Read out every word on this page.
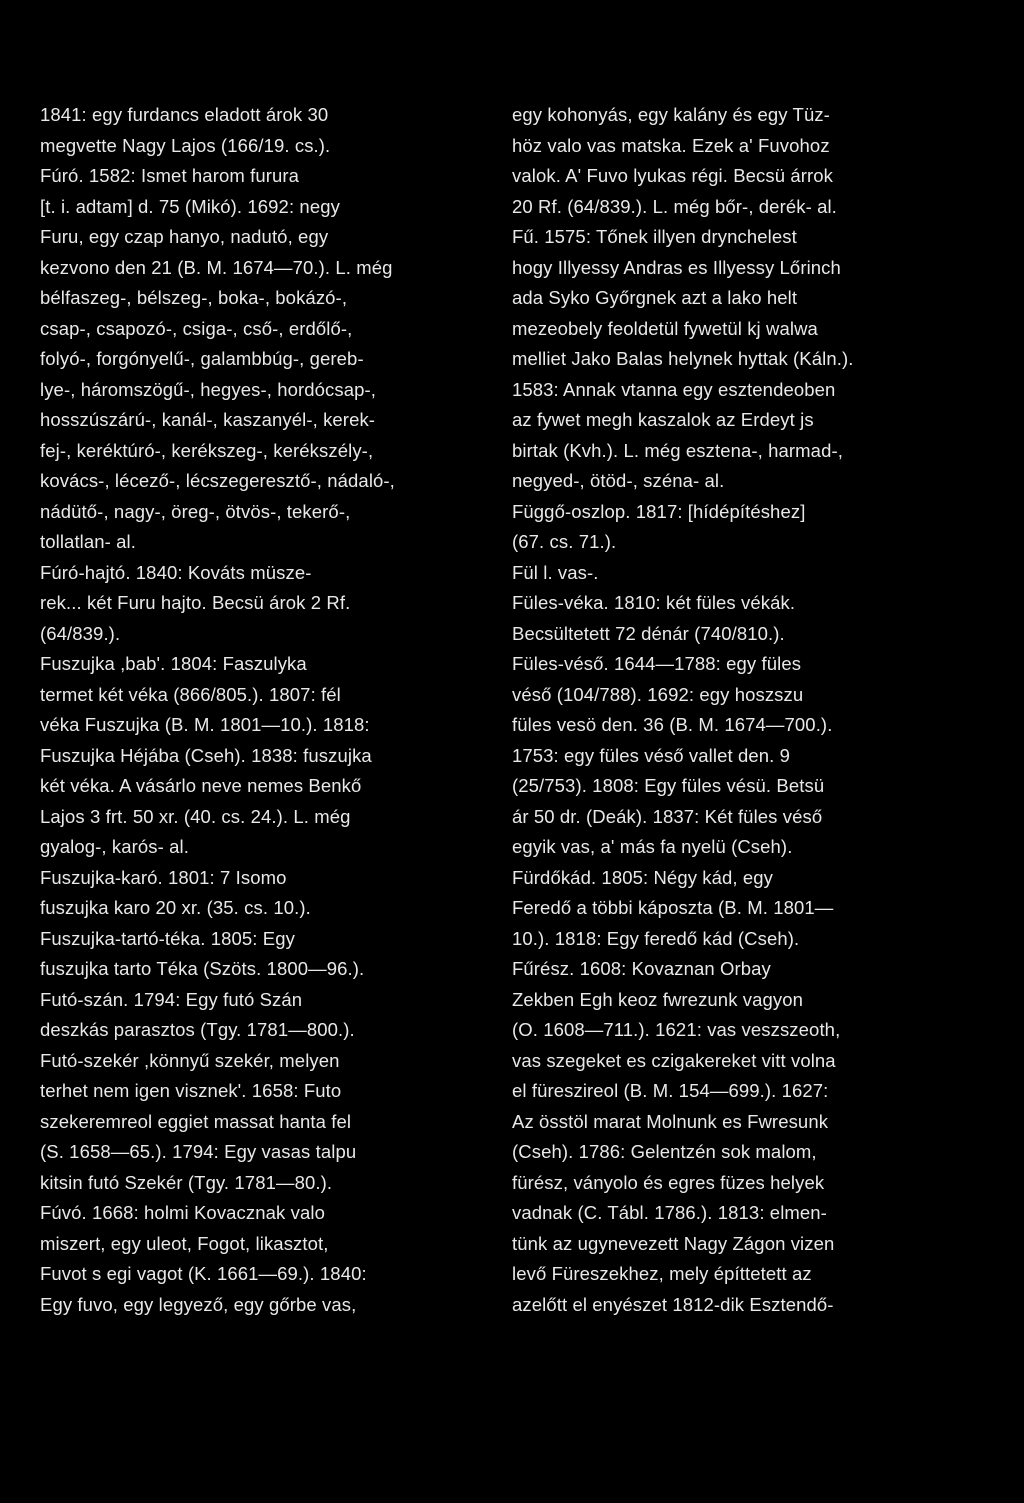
1841: egy furdancs eladott árok 30
megvette Nagy Lajos (166/19. cs.).
Fúró. 1582: Ismet harom furura
[t. i. adtam] d. 75 (Mikó). 1692: negy
Furu, egy czap hanyo, nadutó, egy
kezvono den 21 (B. M. 1674—70.). L. még
bélfaszeg-, bélszeg-, boka-, bokázó-,
csap-, csapozó-, csiga-, cső-, erdőlő-,
folyó-, forgónyelű-, galambbúg-, gereb-
lye-, háromszögű-, hegyes-, hordócsap-,
hosszúszárú-, kanál-, kaszanyél-, kerek-
fej-, keréktúró-, kerékszeg-, kerékszély-,
kovács-, lécező-, lécszegeresztő-, nádaló-,
nádütő-, nagy-, öreg-, ötvös-, tekerő-,
tollatlan- al.
Fúró-hajtó. 1840: Kováts müsze-
rek... két Furu hajto. Becsü árok 2 Rf.
(64/839.).
Fuszujka ,bab'. 1804: Faszulyka
termet két véka (866/805.). 1807: fél
véka Fuszujka (B. M. 1801—10.). 1818:
Fuszujka Héjába (Cseh). 1838: fuszujka
két véka. A vásárlo neve nemes Benkő
Lajos 3 frt. 50 xr. (40. cs. 24.). L. még
gyalog-, karós- al.
Fuszujka-karó. 1801: 7 Isomo
fuszujka karo 20 xr. (35. cs. 10.).
Fuszujka-tartó-téka. 1805: Egy
fuszujka tarto Téka (Szöts. 1800—96.).
Futó-szán. 1794: Egy futó Szán
deszkás parasztos (Tgy. 1781—800.).
Futó-szekér ,könnyű szekér, melyen
terhet nem igen visznek'. 1658: Futo
szekeremreol eggiet massat hanta fel
(S. 1658—65.). 1794: Egy vasas talpu
kitsin futó Szekér (Tgy. 1781—80.).
Fúvó. 1668: holmi Kovacznak valo
miszert, egy uleot, Fogot, likasztot,
Fuvot s egi vagot (K. 1661—69.). 1840:
Egy fuvo, egy legyező, egy gőrbe vas,
egy kohonyás, egy kalány és egy Tüz-
höz valo vas matska. Ezek a' Fuvohoz
valok. A' Fuvo lyukas régi. Becsü árrok
20 Rf. (64/839.). L. még bőr-, derék- al.
Fű. 1575: Tőnek illyen drynchelest
hogy Illyessy Andras es Illyessy Lőrinch
ada Syko Győrgnek azt a lako helt
mezeobely feoldetül fywetül kj walwa
melliet Jako Balas helynek hyttak (Káln.).
1583: Annak vtanna egy esztendeoben
az fywet megh kaszalok az Erdeyt js
birtak (Kvh.). L. még esztena-, harmad-,
negyed-, ötöd-, széna- al.
Függő-oszlop. 1817: [hídépítéshez]
(67. cs. 71.).
Fül l. vas-.
Füles-véka. 1810: két füles vékák.
Becsültetett 72 dénár (740/810.).
Füles-véső. 1644—1788: egy füles
véső (104/788). 1692: egy hoszszu
füles vesö den. 36 (B. M. 1674—700.).
1753: egy füles véső vallet den. 9
(25/753). 1808: Egy füles vésü. Betsü
ár 50 dr. (Deák). 1837: Két füles véső
egyik vas, a' más fa nyelü (Cseh).
Fürdőkád. 1805: Négy kád, egy
Feredő a többi káposzta (B. M. 1801—
10.). 1818: Egy feredő kád (Cseh).
Fűrész. 1608: Kovaznan Orbay
Zekben Egh keoz fwrezunk vagyon
(O. 1608—711.). 1621: vas veszszeoth,
vas szegeket es czigakereket vitt volna
el füreszireol (B. M. 154—699.). 1627:
Az össtöl marat Molnunk es Fwresunk
(Cseh). 1786: Gelentzén sok malom,
fürész, ványolo és egres füzes helyek
vadnak (C. Tábl. 1786.). 1813: elmen-
tünk az ugynevezett Nagy Zágon vizen
levő Füreszekhez, mely építtetett az
azelőtt el enyészet 1812-dik Esztendő-
